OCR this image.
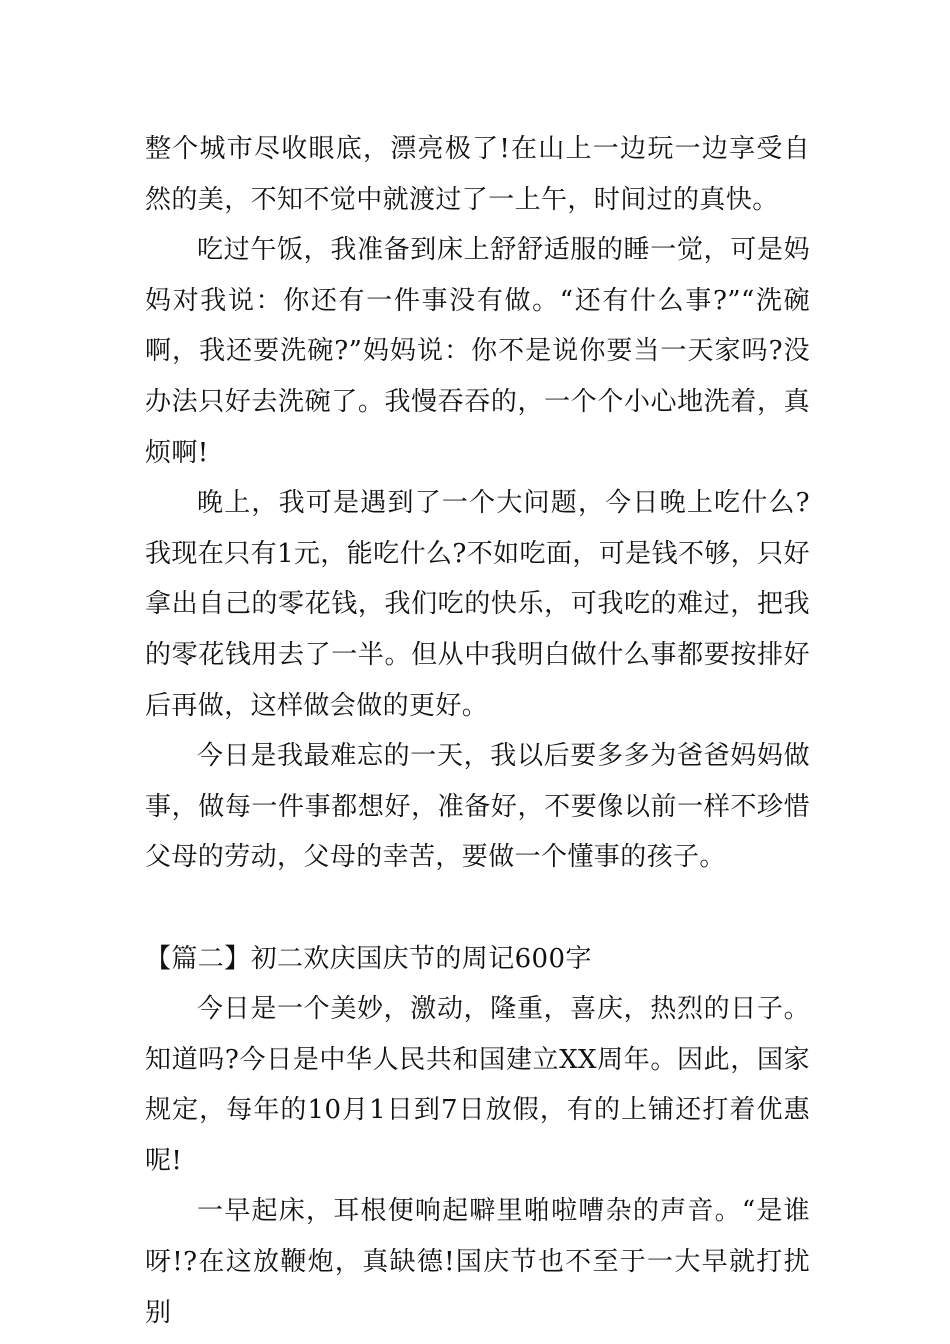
整个城市尽收眼底，漂亮极了!在山上一边玩一边享受自然的美，不知不觉中就渡过了一上午，时间过的真快。

吃过午饭，我准备到床上舒舒适服的睡一觉，可是妈妈对我说：你还有一件事没有做。“还有什么事?”“洗碗啊，我还要洗碗?”妈妈说：你不是说你要当一天家吗?没办法只好去洗碗了。我慢吞吞的，一个个小心地洗着，真烦啊!

晚上，我可是遇到了一个大问题，今日晚上吃什么?我现在只有1元，能吃什么?不如吃面，可是钱不够，只好拿出自己的零花钱，我们吃的快乐，可我吃的难过，把我的零花钱用去了一半。但从中我明白做什么事都要按排好后再做，这样做会做的更好。

今日是我最难忘的一天，我以后要多多为爸爸妈妈做事，做每一件事都想好，准备好，不要像以前一样不珍惜父母的劳动，父母的幸苦，要做一个懂事的孩子。

【篇二】初二欢庆国庆节的周记600字

今日是一个美妙，激动，隆重，喜庆，热烈的日子。知道吗?今日是中华人民共和国建立XX周年。因此，国家规定，每年的10月1日到7日放假，有的上铺还打着优惠呢!

一早起床，耳根便响起噼里啪啦嘈杂的声音。“是谁呀!?在这放鞭炮，真缺德!国庆节也不至于一大早就打扰别
